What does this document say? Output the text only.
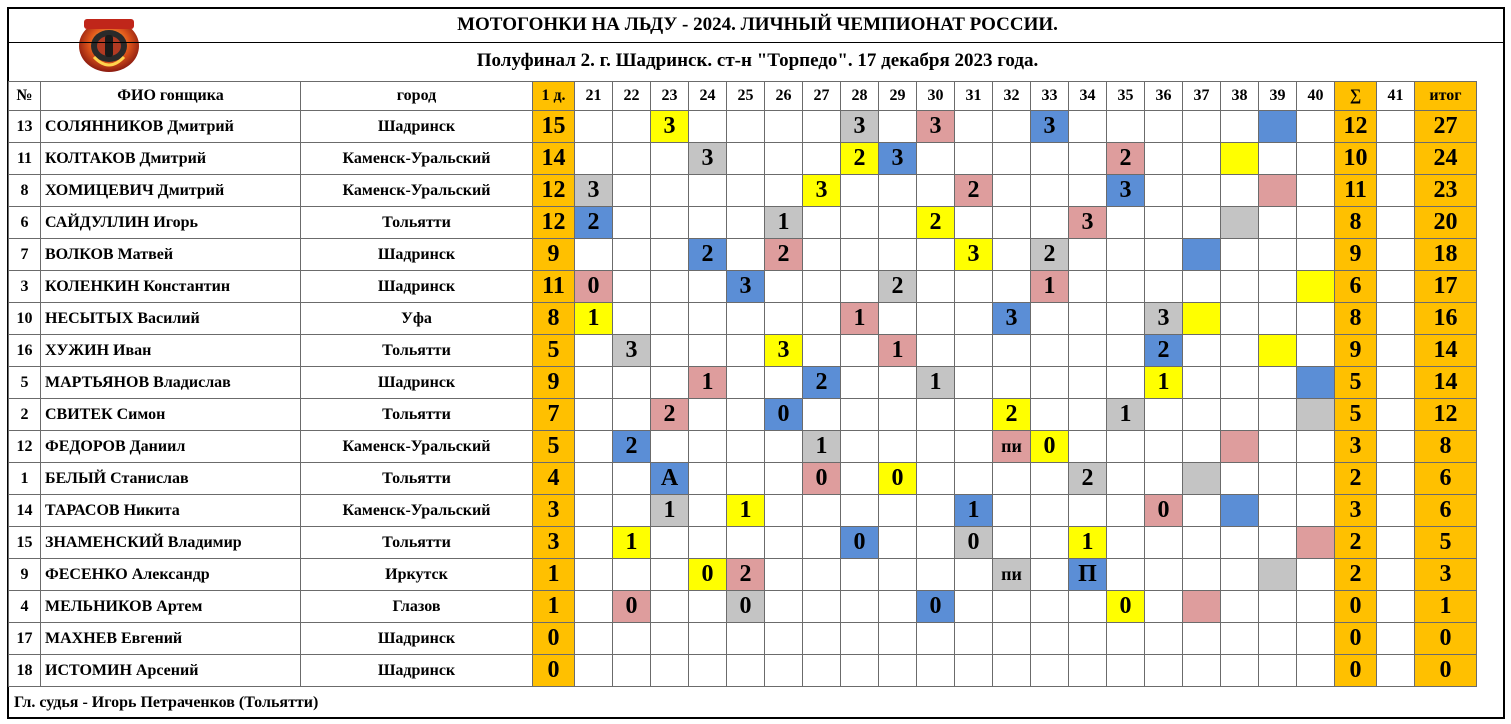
МОТОГОНКИ НА ЛЬДУ - 2024. ЛИЧНЫЙ ЧЕМПИОНАТ РОССИИ.
Полуфинал 2. г. Шадринск. ст-н "Торпедо". 17 декабря 2023 года.
№	ФИО гонщика	город	1 д.	21	22	23	24	25	26	27	28	29	30	31	32	33	34	35	36	37	38	39	40	∑	41	итог
13	СОЛЯННИКОВ Дмитрий	Шадринск	15			3					3		3			3								12		27
11	КОЛТАКОВ Дмитрий	Каменск-Уральский	14				3				2	3						2						10		24
8	ХОМИЦЕВИЧ Дмитрий	Каменск-Уральский	12	3						3				2				3						11		23
6	САЙДУЛЛИН Игорь	Тольятти	12	2					1				2				3							8		20
7	ВОЛКОВ Матвей	Шадринск	9				2		2					3		2								9		18
3	КОЛЕНКИН Константин	Шадринск	11	0				3				2				1								6		17
10	НЕСЫТЫХ Василий	Уфа	8	1							1				3				3					8		16
16	ХУЖИН Иван	Тольятти	5		3				3			1							2					9		14
5	МАРТЬЯНОВ Владислав	Шадринск	9				1			2			1						1					5		14
2	СВИТЕК Симон	Тольятти	7			2			0						2			1						5		12
12	ФЕДОРОВ Даниил	Каменск-Уральский	5		2					1					пи	0								3		8
1	БЕЛЫЙ Станислав	Тольятти	4			А				0		0					2							2		6
14	ТАРАСОВ Никита	Каменск-Уральский	3			1		1						1					0					3		6
15	ЗНАМЕНСКИЙ Владимир	Тольятти	3		1						0			0			1							2		5
9	ФЕСЕНКО Александр	Иркутск	1				0	2							пи		П							2		3
4	МЕЛЬНИКОВ Артем	Глазов	1		0			0					0					0						0		1
17	МАХНЕВ Евгений	Шадринск	0																					0		0
18	ИСТОМИН Арсений	Шадринск	0																					0		0
Гл. судья - Игорь Петраченков (Тольятти)
